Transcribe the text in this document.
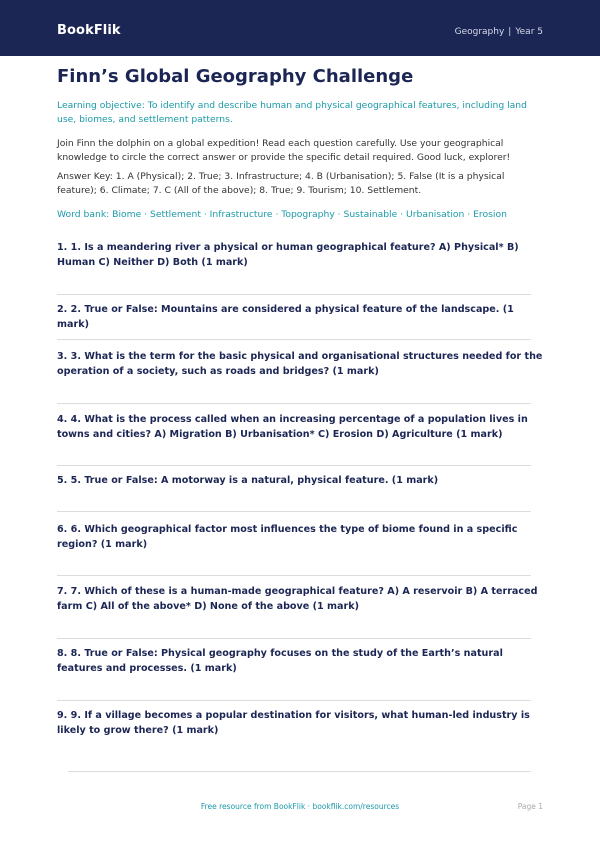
BookFlik	Geography | Year 5
Finn’s Global Geography Challenge
Learning objective: To identify and describe human and physical geographical features, including land use, biomes, and settlement patterns.
Join Finn the dolphin on a global expedition! Read each question carefully. Use your geographical knowledge to circle the correct answer or provide the specific detail required. Good luck, explorer!
Answer Key: 1. A (Physical); 2. True; 3. Infrastructure; 4. B (Urbanisation); 5. False (It is a physical feature); 6. Climate; 7. C (All of the above); 8. True; 9. Tourism; 10. Settlement.
Word bank: Biome · Settlement · Infrastructure · Topography · Sustainable · Urbanisation · Erosion
1. 1. Is a meandering river a physical or human geographical feature? A) Physical* B) Human C) Neither D) Both (1 mark)
2. 2. True or False: Mountains are considered a physical feature of the landscape. (1 mark)
3. 3. What is the term for the basic physical and organisational structures needed for the operation of a society, such as roads and bridges? (1 mark)
4. 4. What is the process called when an increasing percentage of a population lives in towns and cities? A) Migration B) Urbanisation* C) Erosion D) Agriculture (1 mark)
5. 5. True or False: A motorway is a natural, physical feature. (1 mark)
6. 6. Which geographical factor most influences the type of biome found in a specific region? (1 mark)
7. 7. Which of these is a human-made geographical feature? A) A reservoir B) A terraced farm C) All of the above* D) None of the above (1 mark)
8. 8. True or False: Physical geography focuses on the study of the Earth’s natural features and processes. (1 mark)
9. 9. If a village becomes a popular destination for visitors, what human-led industry is likely to grow there? (1 mark)
Free resource from BookFlik · bookflik.com/resources	Page 1
